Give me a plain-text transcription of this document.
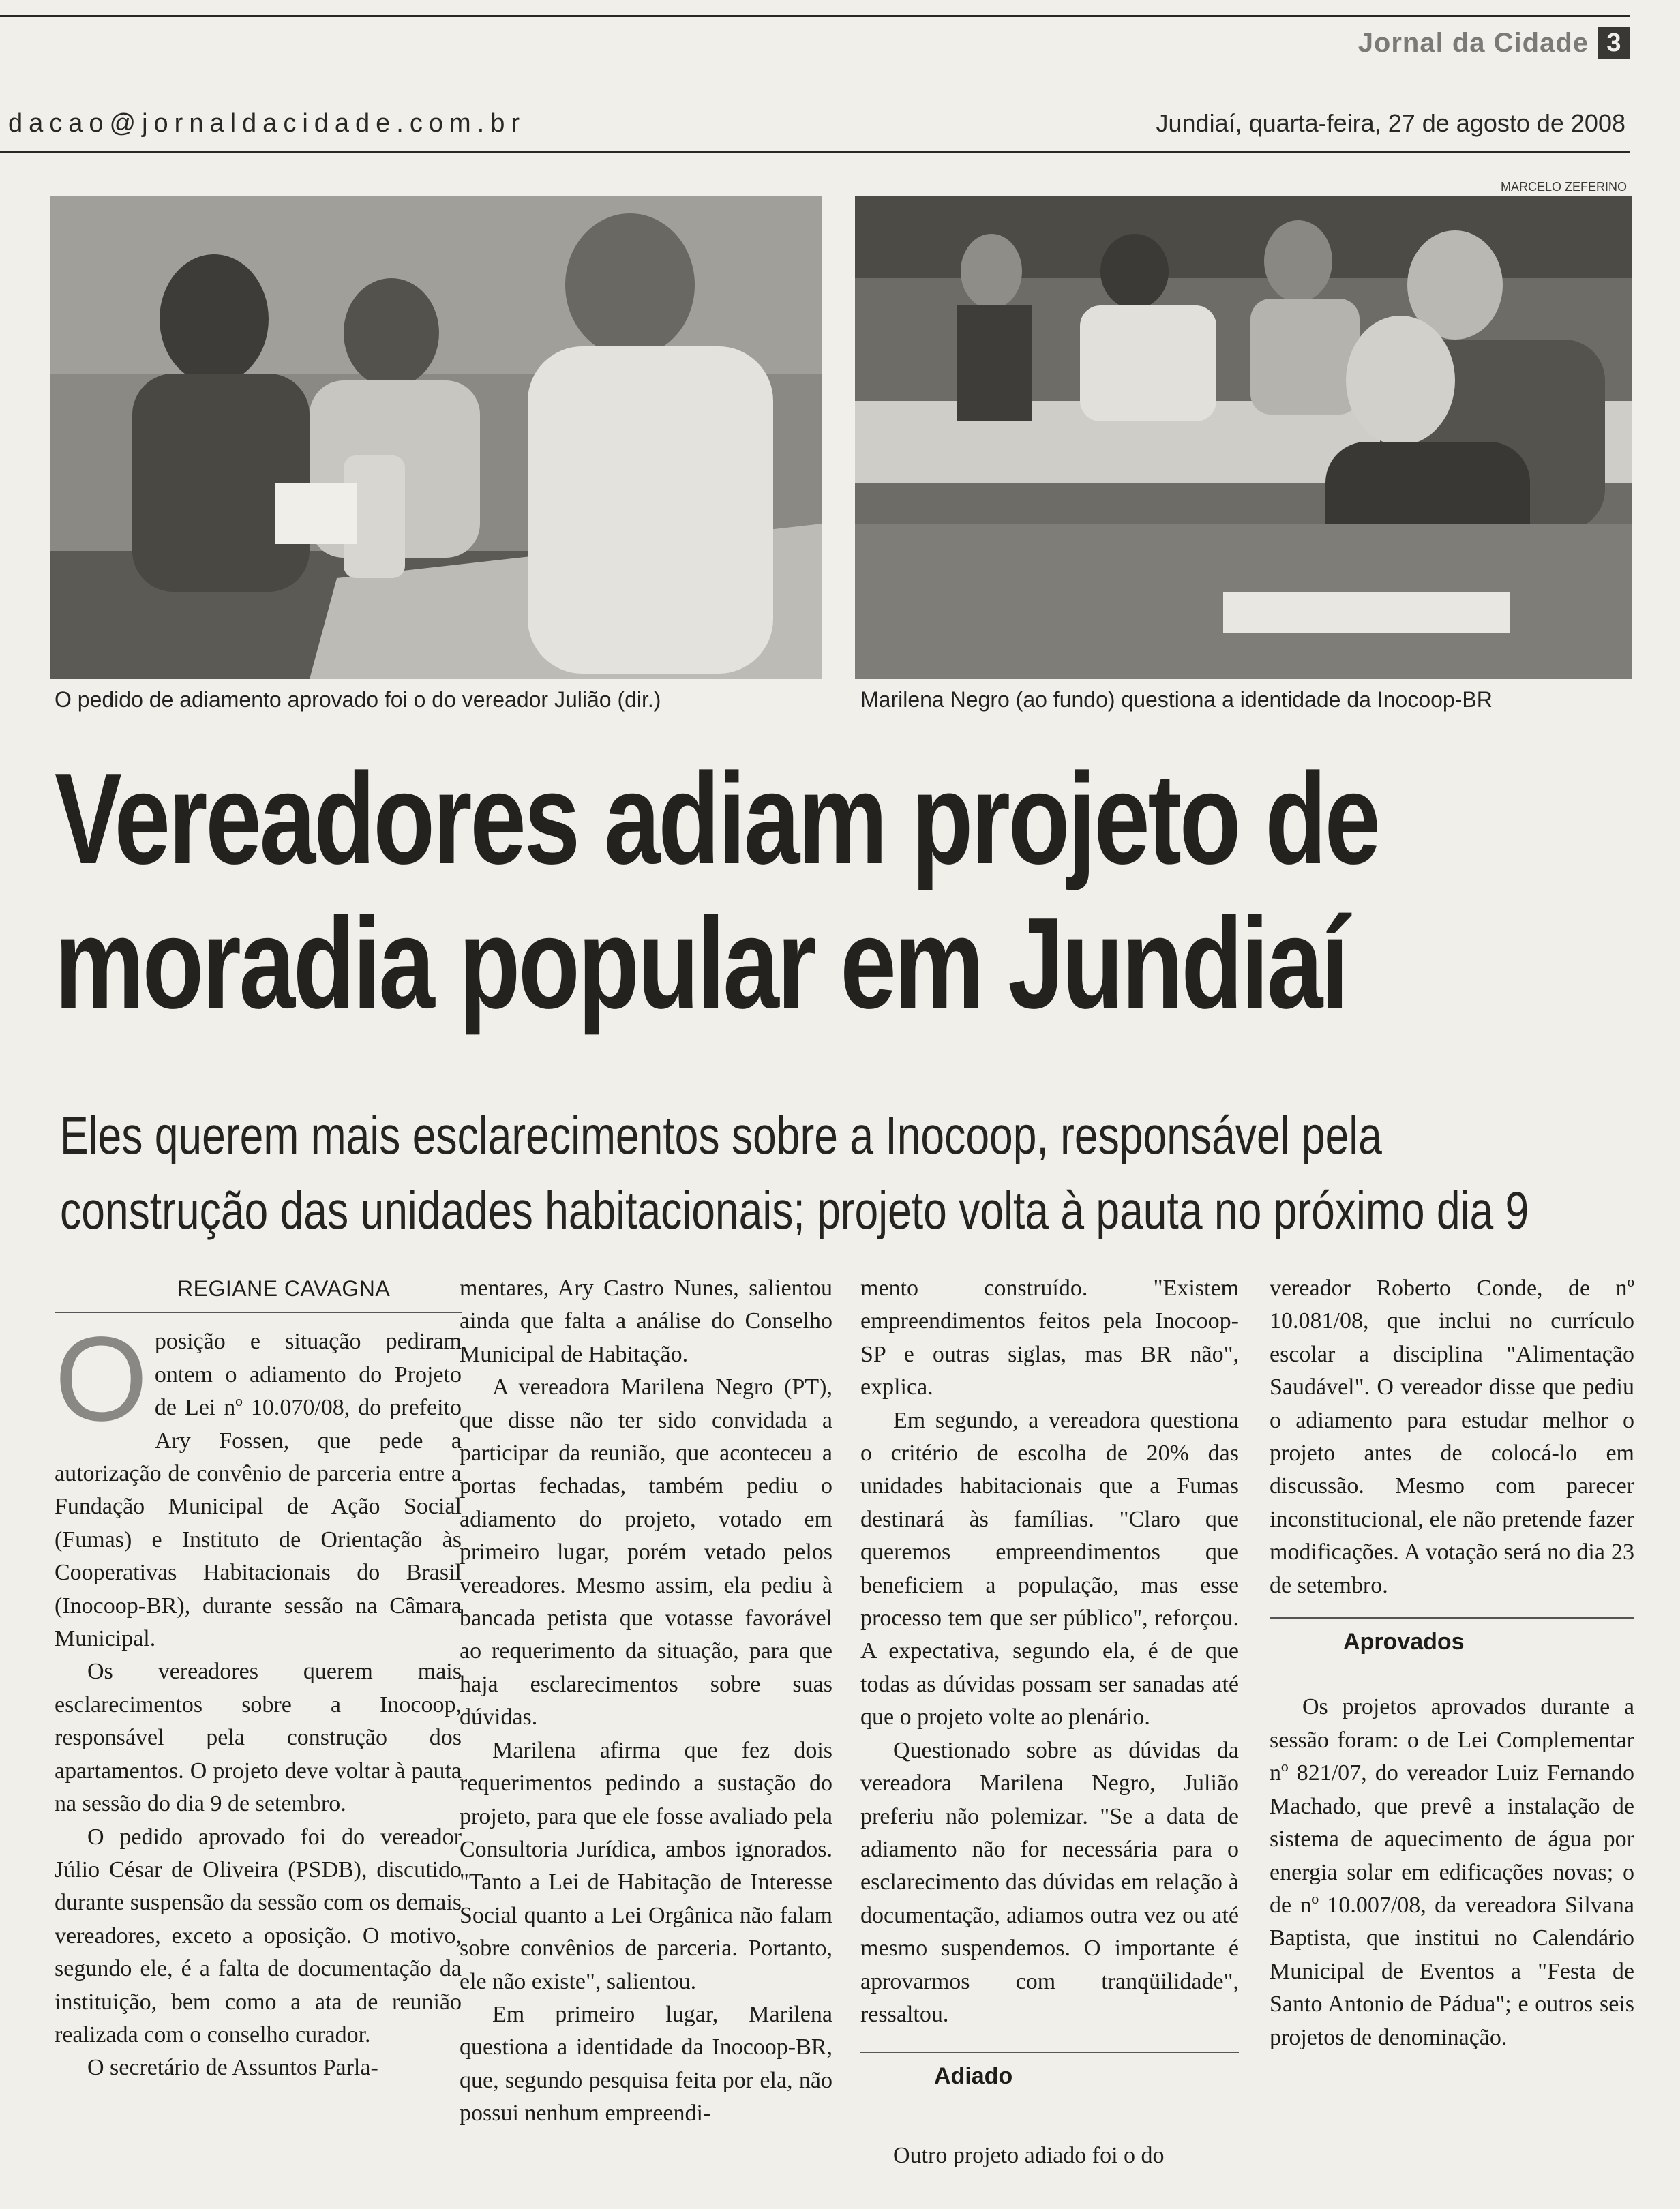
Jornal da Cidade 3
dacao@jornaldacidade.com.br	Jundiaí, quarta-feira, 27 de agosto de 2008
MARCELO ZEFERINO
O pedido de adiamento aprovado foi o do vereador Julião (dir.)	Marilena Negro (ao fundo) questiona a identidade da Inocoop-BR
Vereadores adiam projeto de
moradia popular em Jundiaí
Eles querem mais esclarecimentos sobre a Inocoop, responsável pela
construção das unidades habitacionais; projeto volta à pauta no próximo dia 9

REGIANE CAVAGNA

Oposição e situação pediram ontem o adiamento do Projeto de Lei nº 10.070/08, do prefeito Ary Fossen, que pede a autorização de convênio de parceria entre a Fundação Municipal de Ação Social (Fumas) e Instituto de Orientação às Cooperativas Habitacionais do Brasil (Inocoop-BR), durante sessão na Câmara Municipal.

Os vereadores querem mais esclarecimentos sobre a Inocoop, responsável pela construção dos apartamentos. O projeto deve voltar à pauta na sessão do dia 9 de setembro.

O pedido aprovado foi do vereador Júlio César de Oliveira (PSDB), discutido durante suspensão da sessão com os demais vereadores, exceto a oposição. O motivo, segundo ele, é a falta de documentação da instituição, bem como a ata de reunião realizada com o conselho curador.

O secretário de Assuntos Parla-

mentares, Ary Castro Nunes, salientou ainda que falta a análise do Conselho Municipal de Habitação.

A vereadora Marilena Negro (PT), que disse não ter sido convidada a participar da reunião, que aconteceu a portas fechadas, também pediu o adiamento do projeto, votado em primeiro lugar, porém vetado pelos vereadores. Mesmo assim, ela pediu à bancada petista que votasse favorável ao requerimento da situação, para que haja esclarecimentos sobre suas dúvidas.

Marilena afirma que fez dois requerimentos pedindo a sustação do projeto, para que ele fosse avaliado pela Consultoria Jurídica, ambos ignorados. "Tanto a Lei de Habitação de Interesse Social quanto a Lei Orgânica não falam sobre convênios de parceria. Portanto, ele não existe", salientou.

Em primeiro lugar, Marilena questiona a identidade da Inocoop-BR, que, segundo pesquisa feita por ela, não possui nenhum empreendi-

mento construído. "Existem empreendimentos feitos pela Inocoop-SP e outras siglas, mas BR não", explica.

Em segundo, a vereadora questiona o critério de escolha de 20% das unidades habitacionais que a Fumas destinará às famílias. "Claro que queremos empreendimentos que beneficiem a população, mas esse processo tem que ser público", reforçou. A expectativa, segundo ela, é de que todas as dúvidas possam ser sanadas até que o projeto volte ao plenário.

Questionado sobre as dúvidas da vereadora Marilena Negro, Julião preferiu não polemizar. "Se a data de adiamento não for necessária para o esclarecimento das dúvidas em relação à documentação, adiamos outra vez ou até mesmo suspendemos. O importante é aprovarmos com tranqüilidade", ressaltou.

Adiado

Outro projeto adiado foi o do

vereador Roberto Conde, de nº 10.081/08, que inclui no currículo escolar a disciplina "Alimentação Saudável". O vereador disse que pediu o adiamento para estudar melhor o projeto antes de colocá-lo em discussão. Mesmo com parecer inconstitucional, ele não pretende fazer modificações. A votação será no dia 23 de setembro.

Aprovados

Os projetos aprovados durante a sessão foram: o de Lei Complementar nº 821/07, do vereador Luiz Fernando Machado, que prevê a instalação de sistema de aquecimento de água por energia solar em edificações novas; o de nº 10.007/08, da vereadora Silvana Baptista, que institui no Calendário Municipal de Eventos a "Festa de Santo Antonio de Pádua"; e outros seis projetos de denominação.
